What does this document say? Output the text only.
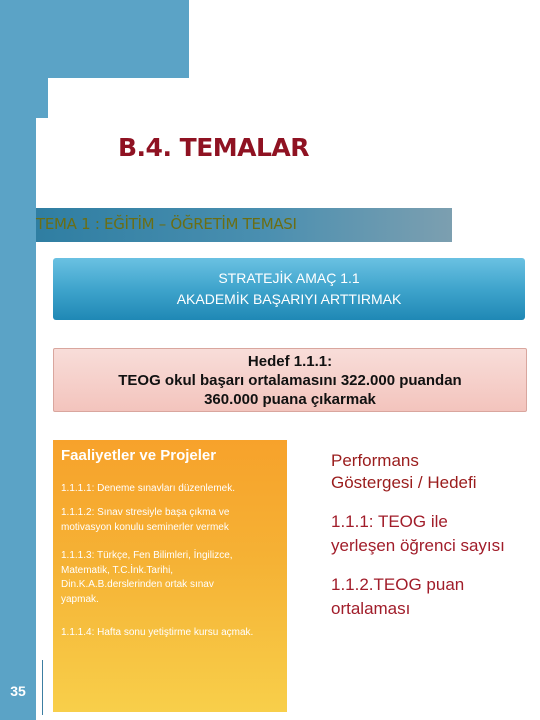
35
B.4. TEMALAR
TEMA 1 : EĞİTİM – ÖĞRETİM TEMASI
STRATEJİK AMAÇ 1.1
AKADEMİK BAŞARIYI ARTTIRMAK
Hedef 1.1.1:
TEOG okul başarı ortalamasını 322.000 puandan
360.000 puana çıkarmak
Faaliyetler ve Projeler
1.1.1.1: Deneme sınavları düzenlemek.
1.1.1.2: Sınav stresiyle başa çıkma ve
motivasyon konulu seminerler vermek
1.1.1.3: Türkçe, Fen Bilimleri, İngilizce,
Matematik, T.C.İnk.Tarihi,
Din.K.A.B.derslerinden ortak sınav
yapmak.
1.1.1.4: Hafta sonu yetiştirme kursu açmak.
Performans
Göstergesi / Hedefi
1.1.1: TEOG ile
yerleşen öğrenci sayısı
1.1.2.TEOG puan
ortalaması
